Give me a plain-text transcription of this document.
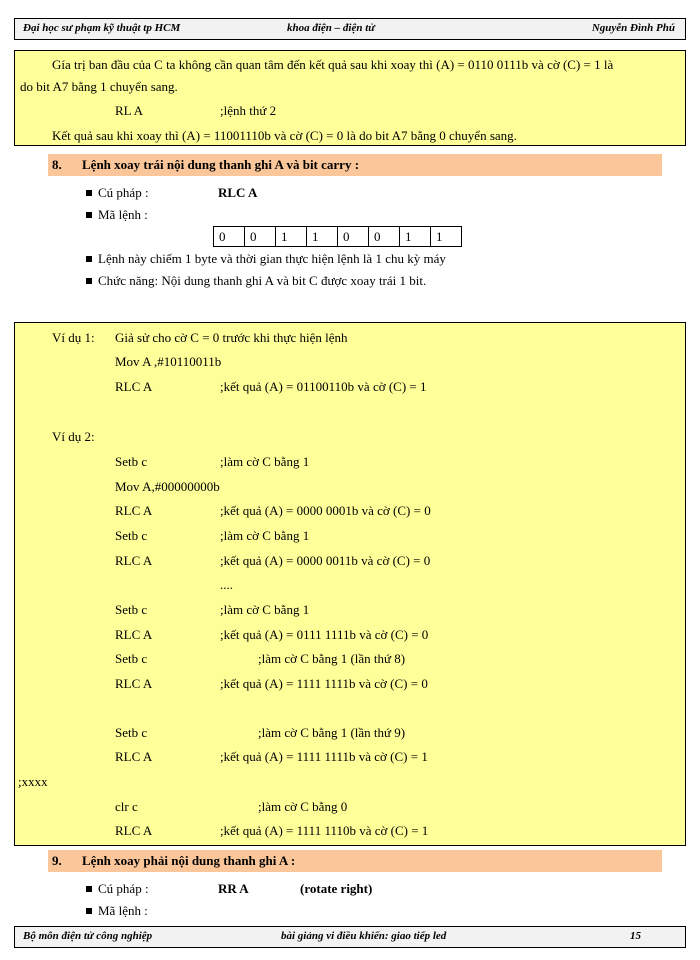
Đại học sư phạm kỹ thuật tp HCM	khoa điện – điện tử	Nguyễn Đình Phú
Gía trị ban đầu của C ta không cần quan tâm đến kết quả sau khi xoay thì (A) = 0110 0111b và cờ (C) = 1 là
do bit A7 bằng 1 chuyển sang.
RL A	;lệnh thứ 2
Kết quả sau khi xoay thì (A) = 11001110b và cờ (C) = 0 là do bit A7 bằng 0 chuyển sang.
8. Lệnh xoay trái nội dung thanh ghi A và bit carry :
Cú pháp :	RLC A
Mã lệnh :
0	0	1	1	0	0	1	1
Lệnh này chiếm 1 byte và thời gian thực hiện lệnh là 1 chu kỳ máy
Chức năng: Nội dung thanh ghi A và bit C được xoay trái 1 bit.
Ví dụ 1: Giả sử cho cờ C = 0 trước khi thực hiện lệnh
Mov A ,#10110011b
RLC A	;kết quả (A) = 01100110b và cờ (C) = 1
Ví dụ 2:
Setb c	;làm cờ C bằng 1
Mov A,#00000000b
RLC A	;kết quả (A) = 0000 0001b và cờ (C) = 0
Setb c	;làm cờ C bằng 1
RLC A	;kết quả (A) = 0000 0011b và cờ (C) = 0
....
Setb c	;làm cờ C bằng 1
RLC A	;kết quả (A) = 0111 1111b và cờ (C) = 0
Setb c	;làm cờ C bằng 1 (lần thứ 8)
RLC A	;kết quả (A) = 1111 1111b và cờ (C) = 0
Setb c	;làm cờ C bằng 1 (lần thứ 9)
RLC A	;kết quả (A) = 1111 1111b và cờ (C) = 1
;xxxx
clr c	;làm cờ C bằng 0
RLC A	;kết quả (A) = 1111 1110b và cờ (C) = 1
9. Lệnh xoay phải nội dung thanh ghi A :
Cú pháp :	RR A	(rotate right)
Mã lệnh :
Bộ môn điện tử công nghiệp	bài giảng vi điều khiển: giao tiếp led	15
